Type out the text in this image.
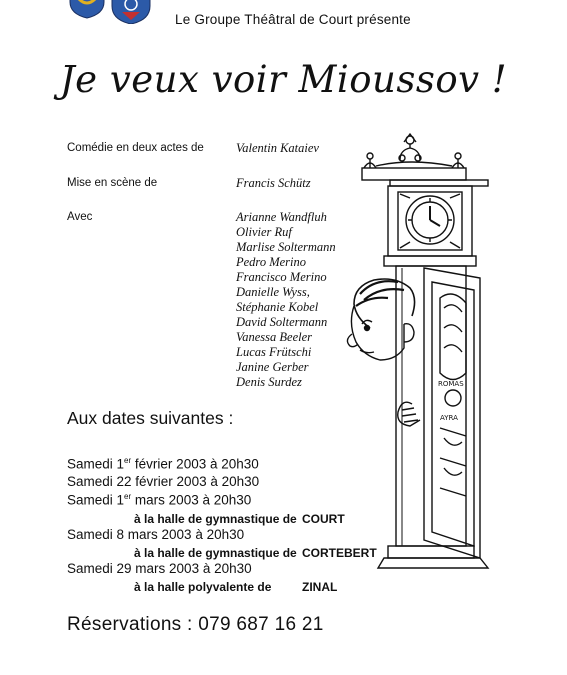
Le Groupe Théâtral de Court présente
Je veux voir Mioussov !
Comédie en deux actes de	Valentin Kataiev
Mise en scène de	Francis Schütz
Avec	Arianne Wandfluh
Olivier Ruf
Marlise Soltermann
Pedro Merino
Francisco Merino
Danielle Wyss,
Stéphanie Kobel
David Soltermann
Vanessa Beeler
Lucas Frütschi
Janine Gerber
Denis Surdez
Aux dates suivantes :
Samedi 1er février 2003 à 20h30
Samedi 22 février 2003 à 20h30
Samedi 1er mars 2003 à 20h30
à la halle de gymnastique de COURT
Samedi 8 mars 2003 à 20h30
à la halle de gymnastique de CORTEBERT
Samedi 29 mars 2003 à 20h30
à la halle polyvalente de	ZINAL
Réservations : 079 687 16 21
ROMAS
AYRA
